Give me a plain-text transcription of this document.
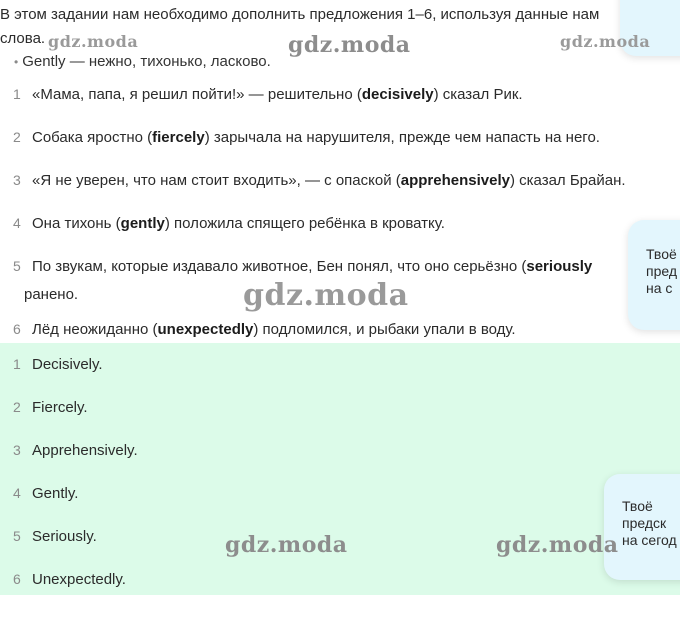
В этом задании нам необходимо дополнить предложения 1–6, используя данные нам
слова.
• Gently — нежно, тихонько, ласково.
1 «Мама, папа, я решил пойти!» — решительно (decisively) сказал Рик.
2 Собака яростно (fiercely) зарычала на нарушителя, прежде чем напасть на него.
3 «Я не уверен, что нам стоит входить», — с опаской (apprehensively) сказал Брайан.
4 Она тихонь (gently) положила спящего ребёнка в кроватку.
5 По звукам, которые издавало животное, Бен понял, что оно серьёзно (seriously
ранено.
6 Лёд неожиданно (unexpectedly) подломился, и рыбаки упали в воду.
1 Decisively.
2 Fiercely.
3 Apprehensively.
4 Gently.
5 Seriously.
6 Unexpectedly.
Твоё
пред
на с
Твоё
предск
на сегод
gdz.moda	gdz.moda	gdz.moda
gdz.moda
gdz.moda	gdz.moda
